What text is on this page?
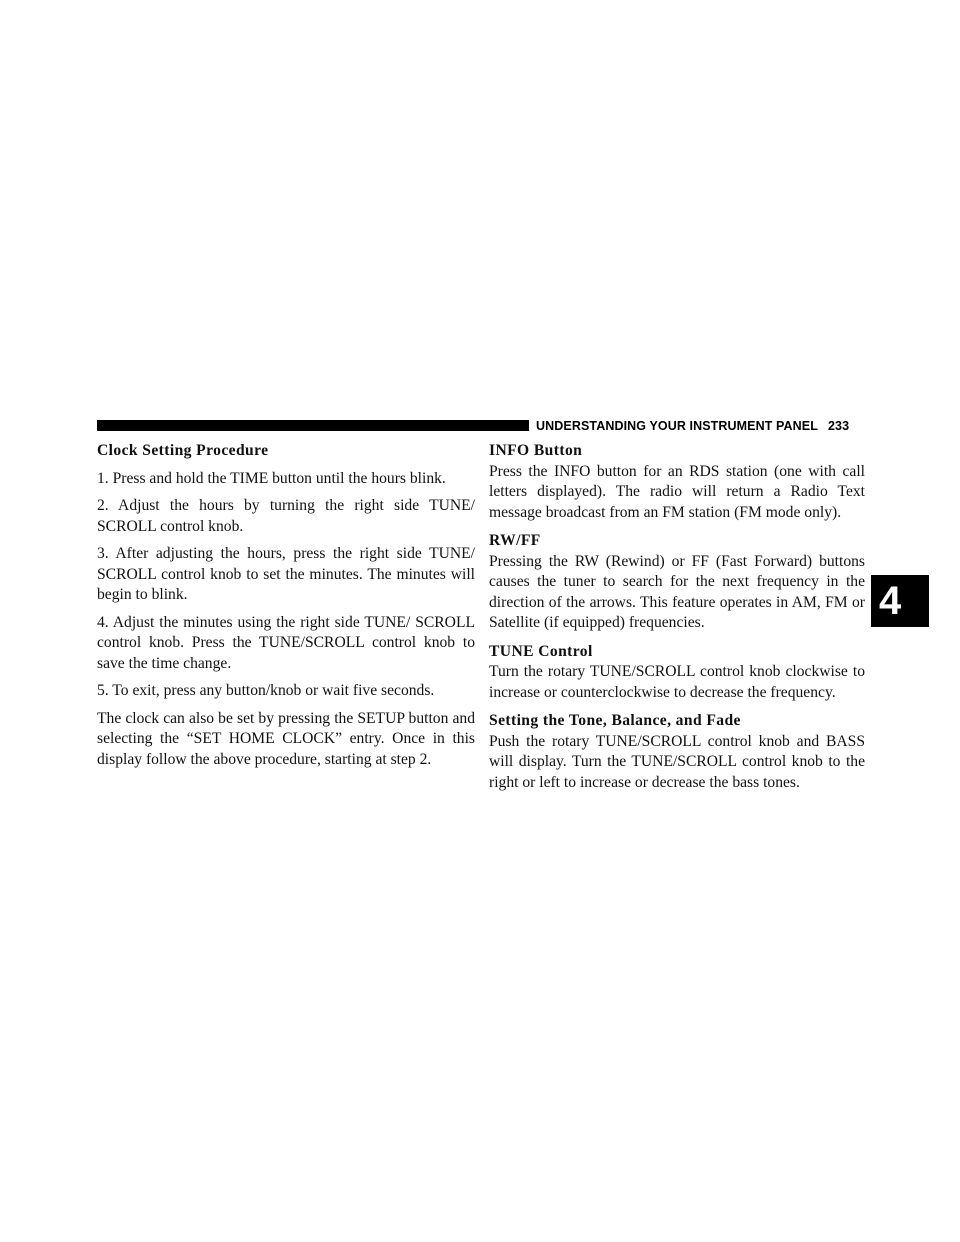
UNDERSTANDING YOUR INSTRUMENT PANEL 233
4
Clock Setting Procedure

1. Press and hold the TIME button until the hours blink.

2. Adjust the hours by turning the right side TUNE/ SCROLL control knob.

3. After adjusting the hours, press the right side TUNE/ SCROLL control knob to set the minutes. The minutes will begin to blink.

4. Adjust the minutes using the right side TUNE/ SCROLL control knob. Press the TUNE/SCROLL control knob to save the time change.

5. To exit, press any button/knob or wait five seconds.

The clock can also be set by pressing the SETUP button and selecting the “SET HOME CLOCK” entry. Once in this display follow the above procedure, starting at step 2.

INFO Button

Press the INFO button for an RDS station (one with call letters displayed). The radio will return a Radio Text message broadcast from an FM station (FM mode only).

RW/FF

Pressing the RW (Rewind) or FF (Fast Forward) buttons causes the tuner to search for the next frequency in the direction of the arrows. This feature operates in AM, FM or Satellite (if equipped) frequencies.

TUNE Control

Turn the rotary TUNE/SCROLL control knob clockwise to increase or counterclockwise to decrease the frequency.

Setting the Tone, Balance, and Fade

Push the rotary TUNE/SCROLL control knob and BASS will display. Turn the TUNE/SCROLL control knob to the right or left to increase or decrease the bass tones.
